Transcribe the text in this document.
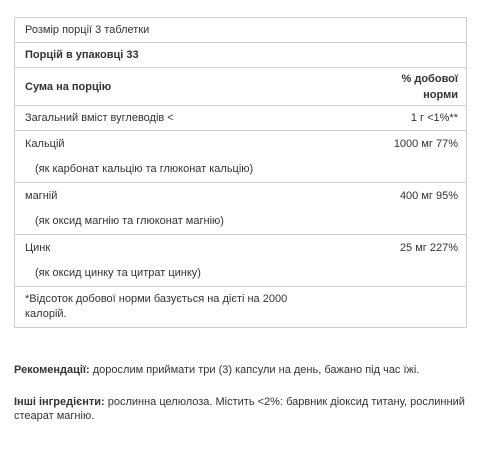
Розмір порції 3 таблетки
Порцій в упаковці 33
Сума на порцію
% добової
норми
Загальний вміст вуглеводів <	1 г <1%**
Кальцій	1000 мг 77%
(як карбонат кальцію та глюконат кальцію)
магній	400 мг 95%
(як оксид магнію та глюконат магнію)
Цинк	25 мг 227%
(як оксид цинку та цитрат цинку)
*Відсоток добової норми базується на дієті на 2000 калорій.
Рекомендації: дорослим приймати три (3) капсули на день, бажано під час їжі.
Інші інгредієнти: рослинна целюлоза. Містить <2%: барвник діоксид титану, рослинний стеарат магнію.
